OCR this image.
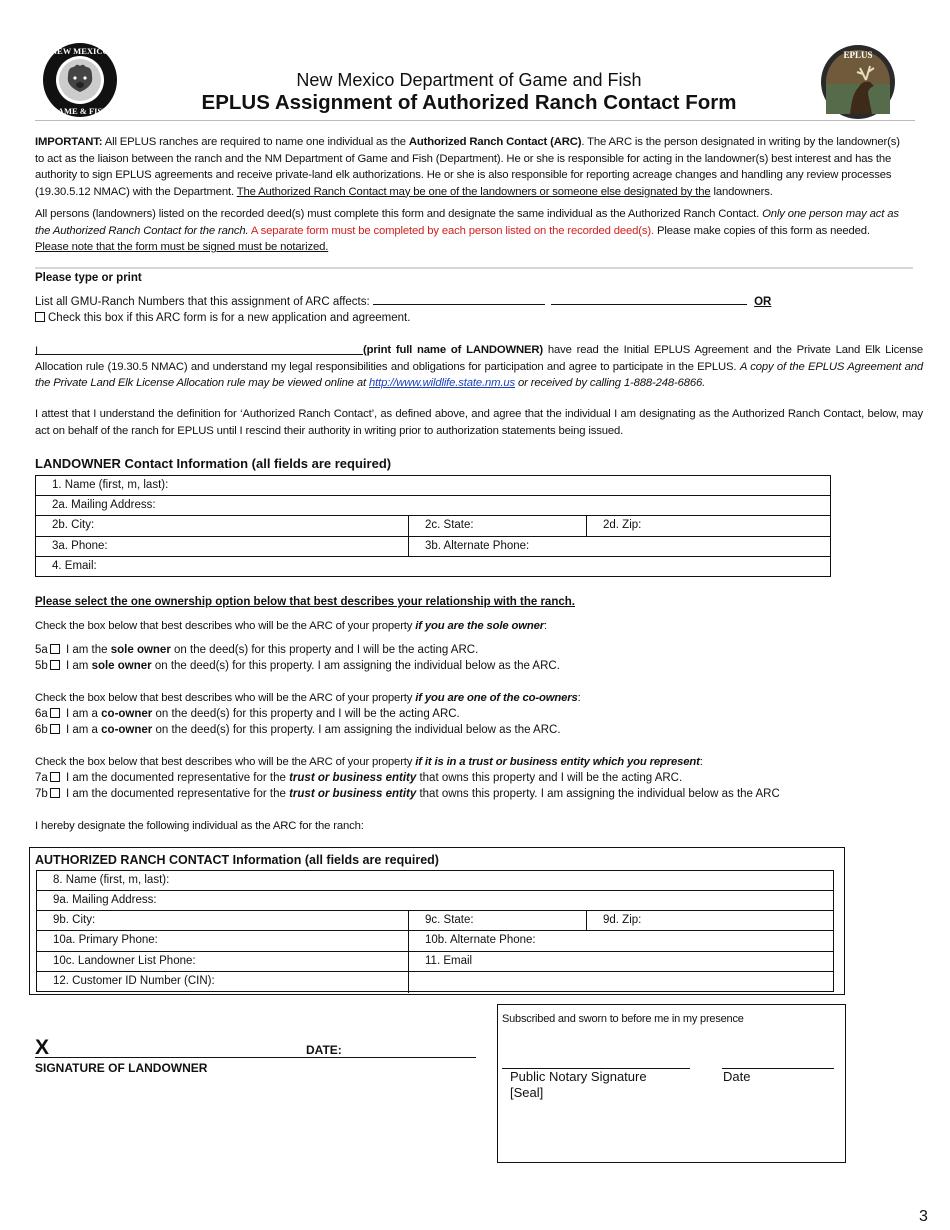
NEW MEXICO
GAME & FISH
EPLUS
New Mexico Department of Game and Fish
EPLUS Assignment of Authorized Ranch Contact Form
IMPORTANT: All EPLUS ranches are required to name one individual as the Authorized Ranch Contact (ARC). The ARC is the person designated in writing by the landowner(s) to act as the liaison between the ranch and the NM Department of Game and Fish (Department). He or she is responsible for acting in the landowner(s) best interest and has the authority to sign EPLUS agreements and receive private-land elk authorizations. He or she is also responsible for reporting acreage changes and handling any review processes (19.30.5.12 NMAC) with the Department. The Authorized Ranch Contact may be one of the landowners or someone else designated by the landowners.
All persons (landowners) listed on the recorded deed(s) must complete this form and designate the same individual as the Authorized Ranch Contact. Only one person may act as the Authorized Ranch Contact for the ranch. A separate form must be completed by each person listed on the recorded deed(s). Please make copies of this form as needed. Please note that the form must be signed must be notarized.
Please type or print
List all GMU-Ranch Numbers that this assignment of ARC affects:	OR
Check this box if this ARC form is for a new application and agreement.
I	(print full name of LANDOWNER) have read the Initial EPLUS Agreement and the Private Land Elk License Allocation rule (19.30.5 NMAC) and understand my legal responsibilities and obligations for participation and agree to participate in the EPLUS. A copy of the EPLUS Agreement and the Private Land Elk License Allocation rule may be viewed online at http://www.wildlife.state.nm.us or received by calling 1-888-248-6866.
I attest that I understand the definition for ‘Authorized Ranch Contact’, as defined above, and agree that the individual I am designating as the Authorized Ranch Contact, below, may act on behalf of the ranch for EPLUS until I rescind their authority in writing prior to authorization statements being issued.
LANDOWNER Contact Information (all fields are required)
1. Name (first, m, last):
2a. Mailing Address:
2b. City:	2c. State:	2d. Zip:
3a. Phone:	3b. Alternate Phone:
4. Email:
Please select the one ownership option below that best describes your relationship with the ranch.
Check the box below that best describes who will be the ARC of your property if you are the sole owner:
5a I am the sole owner on the deed(s) for this property and I will be the acting ARC.
5b I am sole owner on the deed(s) for this property. I am assigning the individual below as the ARC.
Check the box below that best describes who will be the ARC of your property if you are one of the co-owners:
6a I am a co-owner on the deed(s) for this property and I will be the acting ARC.
6b I am a co-owner on the deed(s) for this property. I am assigning the individual below as the ARC.
Check the box below that best describes who will be the ARC of your property if it is in a trust or business entity which you represent:
7a I am the documented representative for the trust or business entity that owns this property and I will be the acting ARC.
7b I am the documented representative for the trust or business entity that owns this property. I am assigning the individual below as the ARC
I hereby designate the following individual as the ARC for the ranch:
AUTHORIZED RANCH CONTACT Information (all fields are required)
8. Name (first, m, last):
9a. Mailing Address:
9b. City:	9c. State:	9d. Zip:
10a. Primary Phone:	10b. Alternate Phone:
10c. Landowner List Phone:	11. Email
12. Customer ID Number (CIN):
X	DATE:
SIGNATURE OF LANDOWNER
Subscribed and sworn to before me in my presence
Public Notary Signature
[Seal]
Date
3
